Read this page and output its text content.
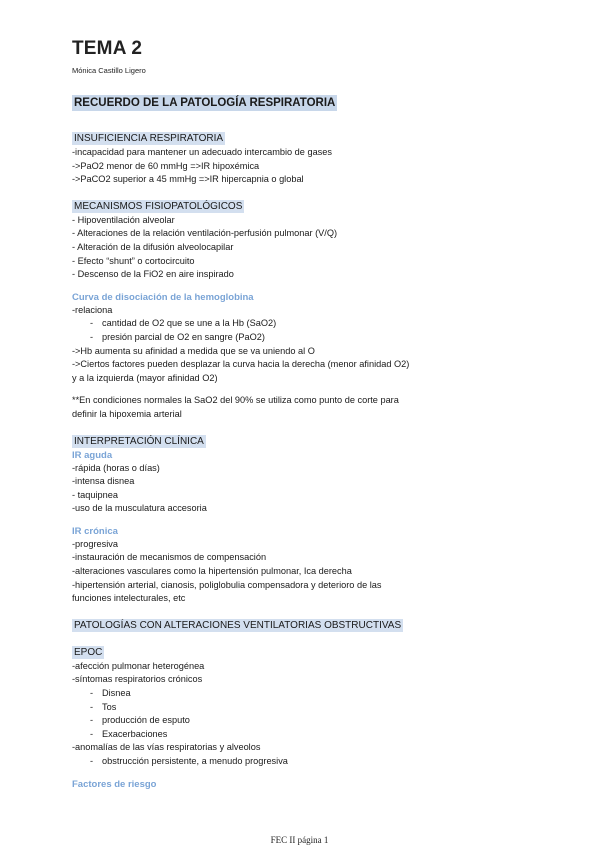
TEMA 2
Mónica Castillo Ligero
RECUERDO DE LA PATOLOGÍA RESPIRATORIA
INSUFICIENCIA RESPIRATORIA
-incapacidad para mantener un adecuado intercambio de gases
->PaO2 menor de 60 mmHg =>IR hipoxémica
->PaCO2 superior a 45 mmHg =>IR hipercapnia o global
MECANISMOS FISIOPATOLÓGICOS
- Hipoventilación alveolar
- Alteraciones de la relación ventilación-perfusión pulmonar (V/Q)
- Alteración de la difusión alveolocapilar
- Efecto “shunt” o cortocircuito
- Descenso de la FiO2 en aire inspirado
Curva de disociación de la hemoglobina
-relaciona
- cantidad de O2 que se une a la Hb (SaO2)
- presión parcial de O2 en sangre (PaO2)
->Hb aumenta su afinidad a medida que se va uniendo al O
->Ciertos factores pueden desplazar la curva hacia la derecha (menor afinidad O2) y a la izquierda (mayor afinidad O2)
**En condiciones normales la SaO2 del 90% se utiliza como punto de corte para definir la hipoxemia arterial
INTERPRETACIÓN CLÍNICA
IR aguda
-rápida (horas o días)
-intensa disnea
- taquipnea
-uso de la musculatura accesoria
IR crónica
-progresiva
-instauración de mecanismos de compensación
-alteraciones vasculares como la hipertensión pulmonar, Ica derecha
-hipertensión arterial, cianosis, poliglobulia compensadora y deterioro de las funciones intelecturales, etc
PATOLOGÍAS CON ALTERACIONES VENTILATORIAS OBSTRUCTIVAS
EPOC
-afección pulmonar heterogénea
-síntomas respiratorios crónicos
- Disnea
- Tos
- producción de esputo
- Exacerbaciones
-anomalías de las vías respiratorias y alveolos
- obstrucción persistente, a menudo progresiva
Factores de riesgo
FEC II página 1
